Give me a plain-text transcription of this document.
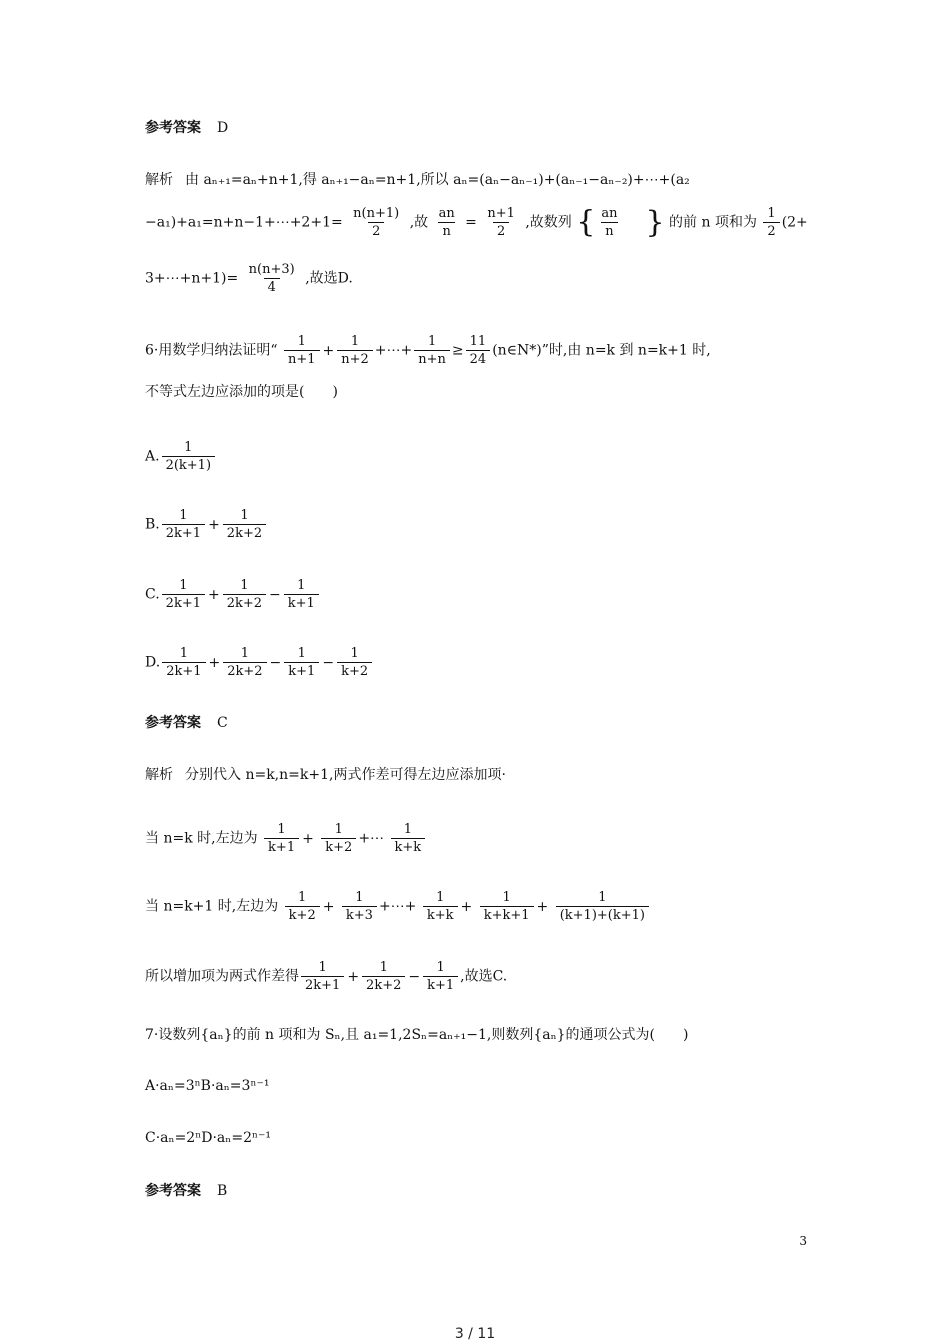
参考答案 D
解析 由 aₙ₊₁=aₙ+n+1,得 aₙ₊₁−aₙ=n+1,所以 aₙ=(aₙ−aₙ₋₁)+(aₙ₋₁−aₙ₋₂)+⋯+(a₂
−a₁)+a₁=n+n−1+⋯+2+1= $\frac{n(n+1)}{2}$ ,故 $\frac{an}{n} = \frac{n+1}{2}$ ,故数列 { $\frac{an}{n}$ } 的前 n 项和为 $\frac{1}{2} (2+$
3+⋯+n+1)= $\frac{n(n+3)}{4}$ ,故选D.
6·用数学归纳法证明“ $\frac{1}{n+1} + \frac{1}{n+2}$ +⋯+ $\frac{1}{n+n} \ge \frac{11}{24}$ (n∈N*)”时,由 n=k 到 n=k+1 时,
不等式左边应添加的项是(　　)
A. $\frac{1}{2(k+1)}$
B. $\frac{1}{2k+1} + \frac{1}{2k+2}$
C. $\frac{1}{2k+1} + \frac{1}{2k+2} - \frac{1}{k+1}$
D. $\frac{1}{2k+1} + \frac{1}{2k+2} - \frac{1}{k+1} - \frac{1}{k+2}$
参考答案 C
解析 分别代入 n=k,n=k+1,两式作差可得左边应添加项·
当 n=k 时,左边为 $\frac{1}{k+1} + \frac{1}{k+2}$ +⋯ $\frac{1}{k+k}$
当 n=k+1 时,左边为 $\frac{1}{k+2} + \frac{1}{k+3}$ +⋯+ $\frac{1}{k+k} + \frac{1}{k+k+1} + \frac{1}{(k+1)+(k+1)}$
所以增加项为两式作差得 $\frac{1}{2k+1} + \frac{1}{2k+2} - \frac{1}{k+1}$ ,故选C.
7·设数列{aₙ}的前 n 项和为 Sₙ,且 a₁=1,2Sₙ=aₙ₊₁−1,则数列{aₙ}的通项公式为(　　)
A·aₙ=3ⁿB·aₙ=3ⁿ⁻¹
C·aₙ=2ⁿD·aₙ=2ⁿ⁻¹
参考答案 B
3
3 / 11
